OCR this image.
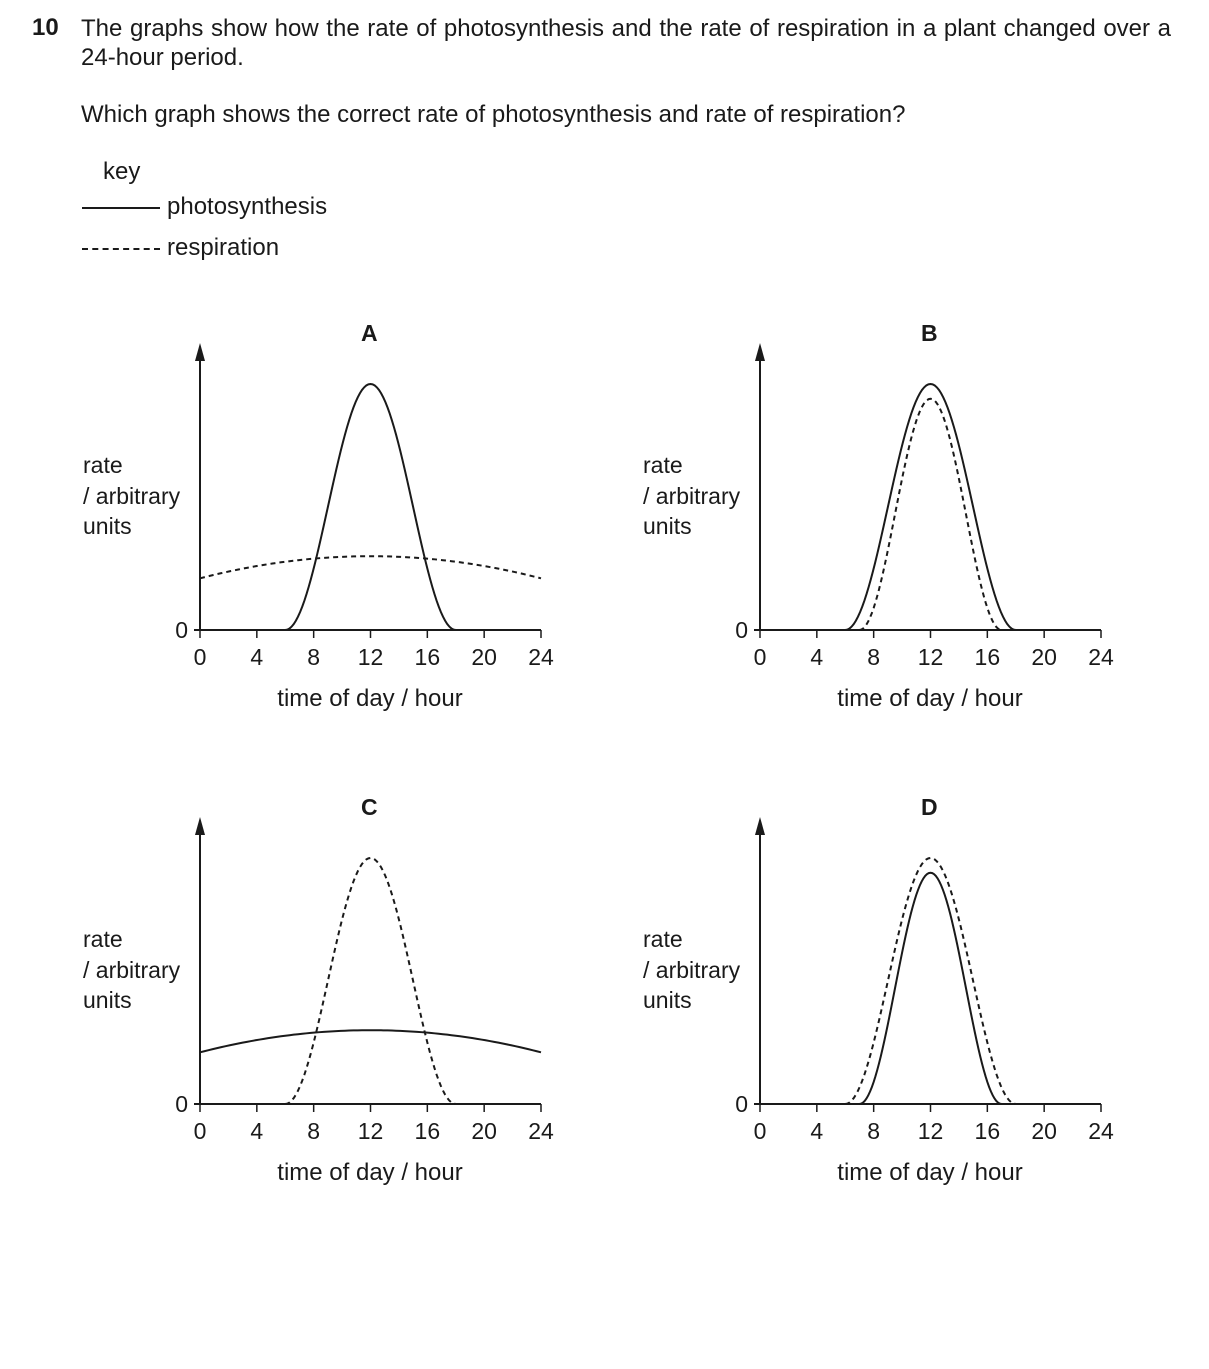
10 The graphs show how the rate of photosynthesis and the rate of respiration in a plant changed over a 24-hour period.
Which graph shows the correct rate of photosynthesis and rate of respiration?
key
photosynthesis
respiration
A
rate
/ arbitrary
units
0
0 4 8 12 16 20 24
time of day / hour
B
rate
/ arbitrary
units
0
0 4 8 12 16 20 24
time of day / hour
C
rate
/ arbitrary
units
0
0 4 8 12 16 20 24
time of day / hour
D
rate
/ arbitrary
units
0
0 4 8 12 16 20 24
time of day / hour
